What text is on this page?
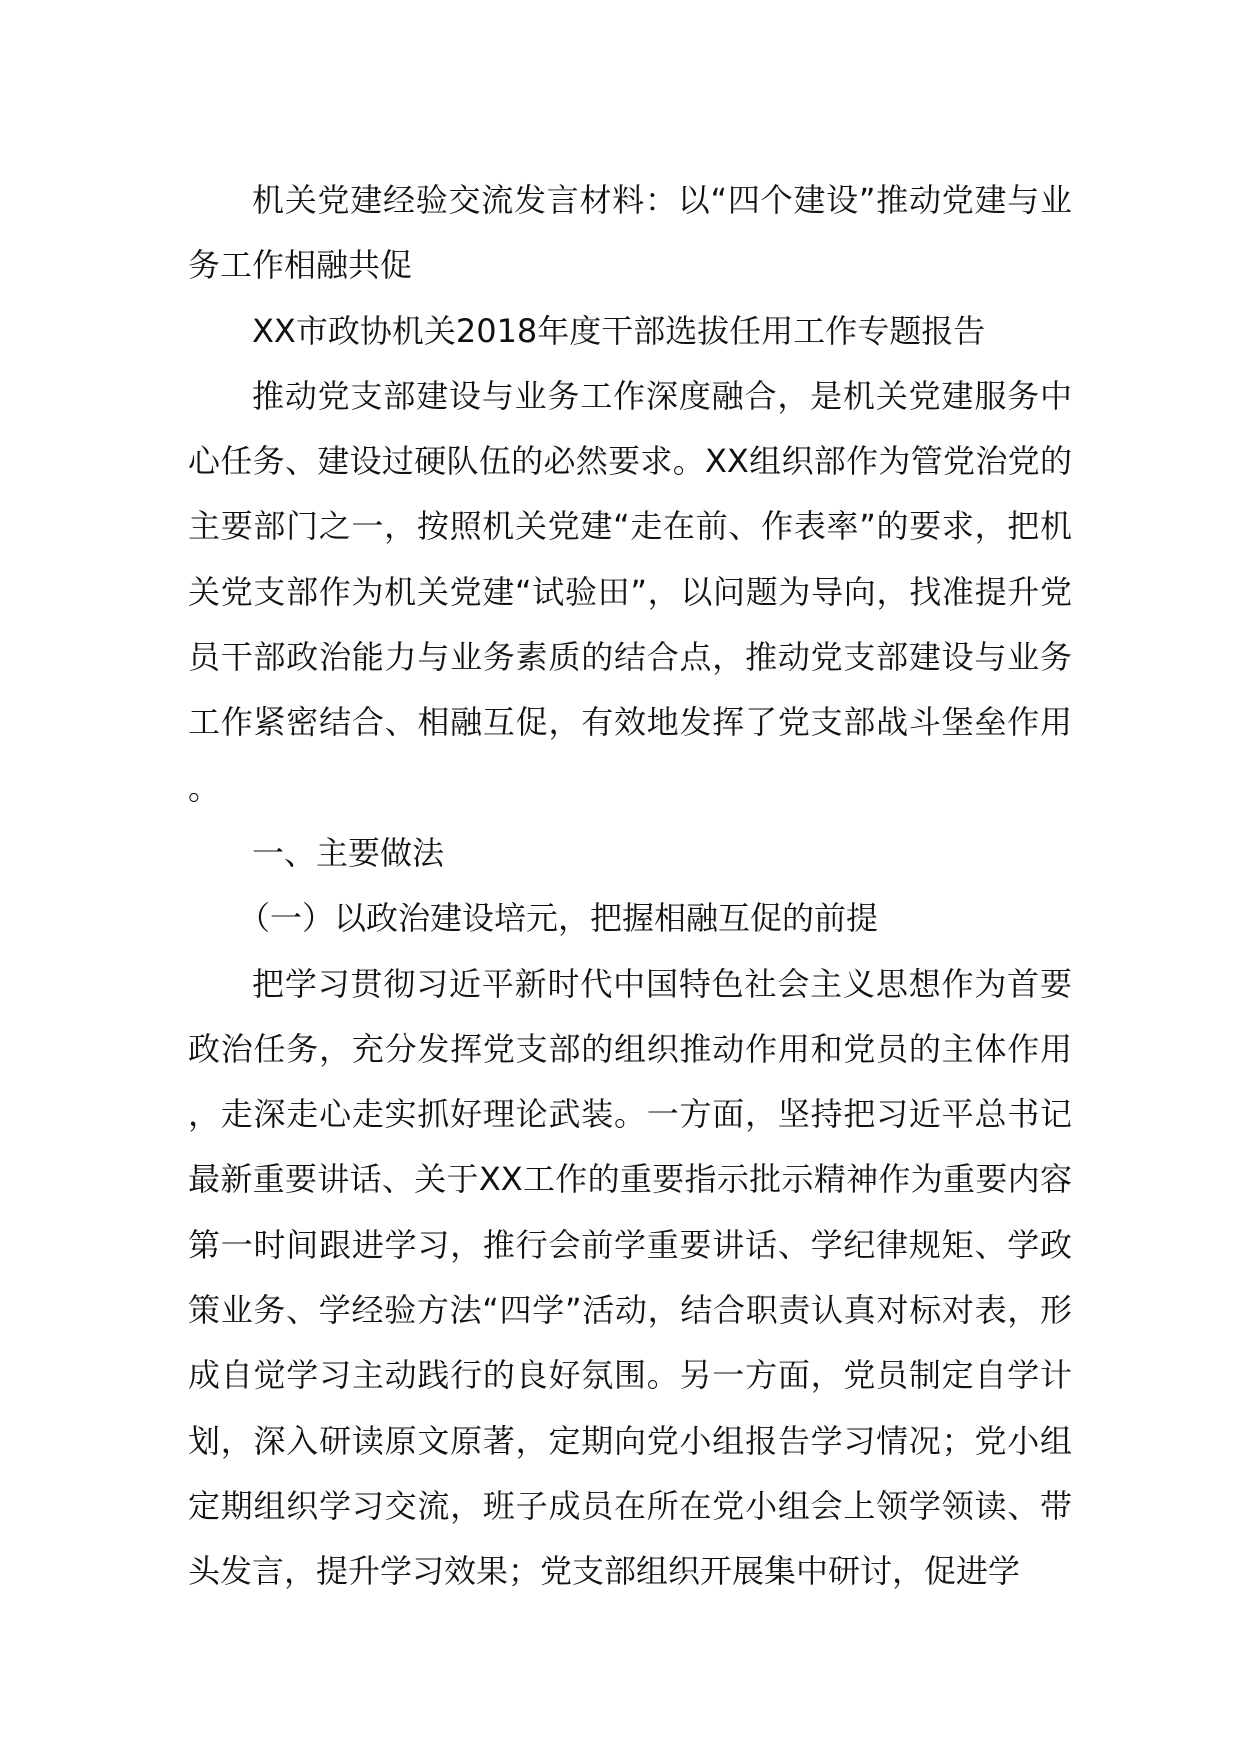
机关党建经验交流发言材料：以“四个建设”推动党建与业务工作相融共促

XX市政协机关2018年度干部选拔任用工作专题报告

推动党支部建设与业务工作深度融合，是机关党建服务中心任务、建设过硬队伍的必然要求。XX组织部作为管党治党的主要部门之一，按照机关党建“走在前、作表率”的要求，把机关党支部作为机关党建“试验田”，以问题为导向，找准提升党员干部政治能力与业务素质的结合点，推动党支部建设与业务工作紧密结合、相融互促，有效地发挥了党支部战斗堡垒作用。

一、主要做法

（一）以政治建设培元，把握相融互促的前提

把学习贯彻习近平新时代中国特色社会主义思想作为首要政治任务，充分发挥党支部的组织推动作用和党员的主体作用，走深走心走实抓好理论武装。一方面，坚持把习近平总书记最新重要讲话、关于XX工作的重要指示批示精神作为重要内容第一时间跟进学习，推行会前学重要讲话、学纪律规矩、学政策业务、学经验方法“四学”活动，结合职责认真对标对表，形成自觉学习主动践行的良好氛围。另一方面，党员制定自学计划，深入研读原文原著，定期向党小组报告学习情况；党小组定期组织学习交流，班子成员在所在党小组会上领学领读、带头发言，提升学习效果；党支部组织开展集中研讨，促进学
